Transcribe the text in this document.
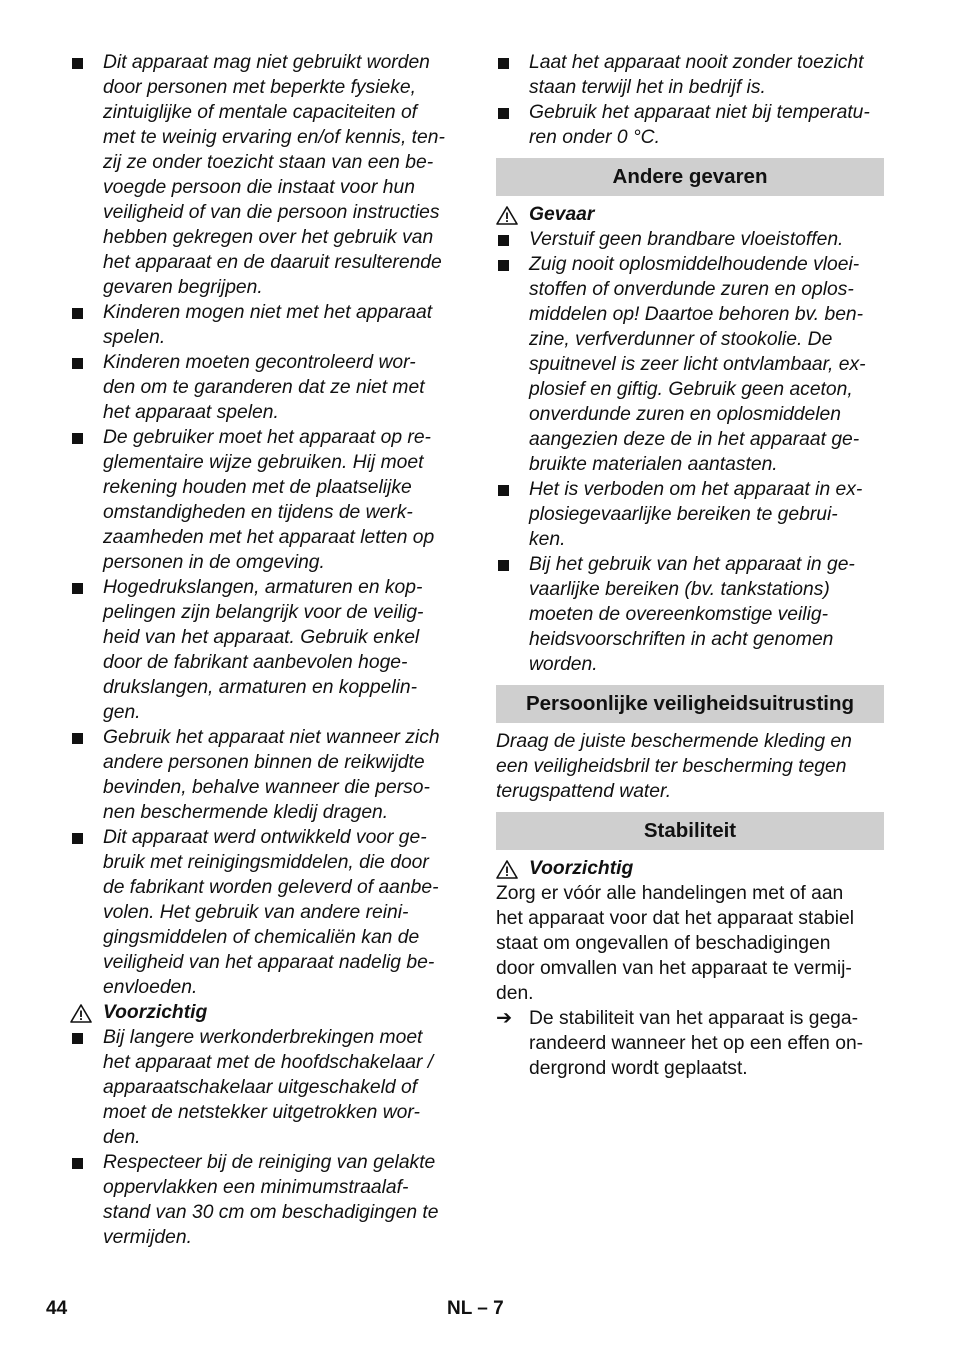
Dit apparaat mag niet gebruikt worden
door personen met beperkte fysieke,
zintuiglijke of mentale capaciteiten of
met te weinig ervaring en/of kennis, ten-
zij ze onder toezicht staan van een be-
voegde persoon die instaat voor hun
veiligheid of van die persoon instructies
hebben gekregen over het gebruik van
het apparaat en de daaruit resulterende
gevaren begrijpen.
Kinderen mogen niet met het apparaat
spelen.
Kinderen moeten gecontroleerd wor-
den om te garanderen dat ze niet met
het apparaat spelen.
De gebruiker moet het apparaat op re-
glementaire wijze gebruiken. Hij moet
rekening houden met de plaatselijke
omstandigheden en tijdens de werk-
zaamheden met het apparaat letten op
personen in de omgeving.
Hogedrukslangen, armaturen en kop-
pelingen zijn belangrijk voor de veilig-
heid van het apparaat. Gebruik enkel
door de fabrikant aanbevolen hoge-
drukslangen, armaturen en koppelin-
gen.
Gebruik het apparaat niet wanneer zich
andere personen binnen de reikwijdte
bevinden, behalve wanneer die perso-
nen beschermende kledij dragen.
Dit apparaat werd ontwikkeld voor ge-
bruik met reinigingsmiddelen, die door
de fabrikant worden geleverd of aanbe-
volen. Het gebruik van andere reini-
gingsmiddelen of chemicaliën kan de
veiligheid van het apparaat nadelig be-
envloeden.
Voorzichtig
Bij langere werkonderbrekingen moet
het apparaat met de hoofdschakelaar /
apparaatschakelaar uitgeschakeld of
moet de netstekker uitgetrokken wor-
den.
Respecteer bij de reiniging van gelakte
oppervlakken een minimumstraalaf-
stand van 30 cm om beschadigingen te
vermijden.
Laat het apparaat nooit zonder toezicht
staan terwijl het in bedrijf is.
Gebruik het apparaat niet bij temperatu-
ren onder 0 °C.
Andere gevaren
Gevaar
Verstuif geen brandbare vloeistoffen.
Zuig nooit oplosmiddelhoudende vloei-
stoffen of onverdunde zuren en oplos-
middelen op! Daartoe behoren bv. ben-
zine, verfverdunner of stookolie. De
spuitnevel is zeer licht ontvlambaar, ex-
plosief en giftig. Gebruik geen aceton,
onverdunde zuren en oplosmiddelen
aangezien deze de in het apparaat ge-
bruikte materialen aantasten.
Het is verboden om het apparaat in ex-
plosiegevaarlijke bereiken te gebrui-
ken.
Bij het gebruik van het apparaat in ge-
vaarlijke bereiken (bv. tankstations)
moeten de overeenkomstige veilig-
heidsvoorschriften in acht genomen
worden.
Persoonlijke veiligheidsuitrusting
Draag de juiste beschermende kleding en
een veiligheidsbril ter bescherming tegen
terugspattend water.
Stabiliteit
Voorzichtig
Zorg er vóór alle handelingen met of aan
het apparaat voor dat het apparaat stabiel
staat om ongevallen of beschadigingen
door omvallen van het apparaat te vermij-
den.
➔ De stabiliteit van het apparaat is gega-
randeerd wanneer het op een effen on-
dergrond wordt geplaatst.
44	NL – 7
